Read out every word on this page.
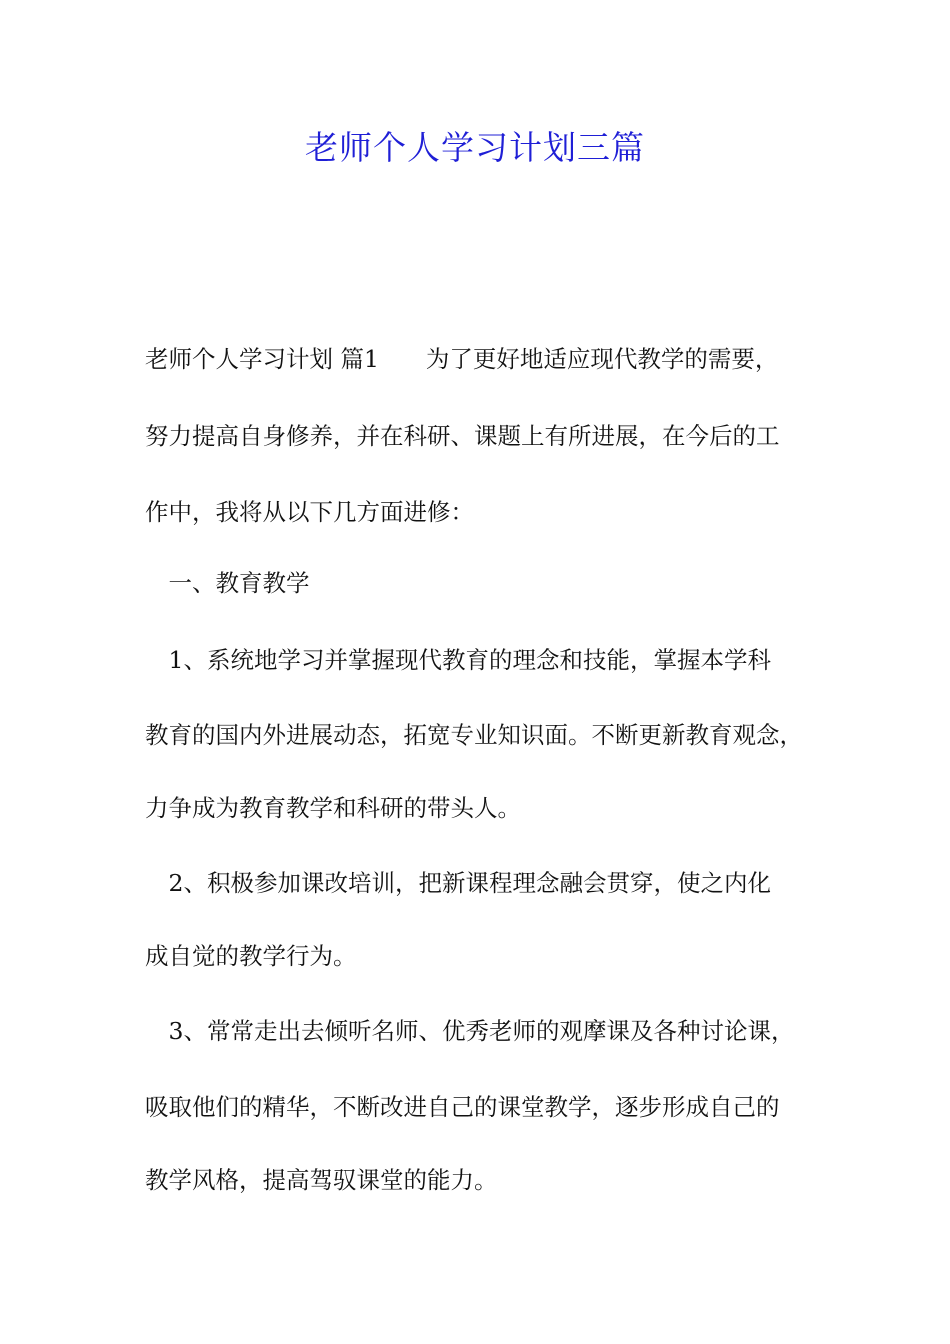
老师个人学习计划三篇
老师个人学习计划 篇1　　为了更好地适应现代教学的需要，
努力提高自身修养，并在科研、课题上有所进展，在今后的工
作中，我将从以下几方面进修：
　一、教育教学
　1、系统地学习并掌握现代教育的理念和技能，掌握本学科
教育的国内外进展动态，拓宽专业知识面。不断更新教育观念，
力争成为教育教学和科研的带头人。
　2、积极参加课改培训，把新课程理念融会贯穿，使之内化
成自觉的教学行为。
　3、常常走出去倾听名师、优秀老师的观摩课及各种讨论课，
吸取他们的精华，不断改进自己的课堂教学，逐步形成自己的
教学风格，提高驾驭课堂的能力。
